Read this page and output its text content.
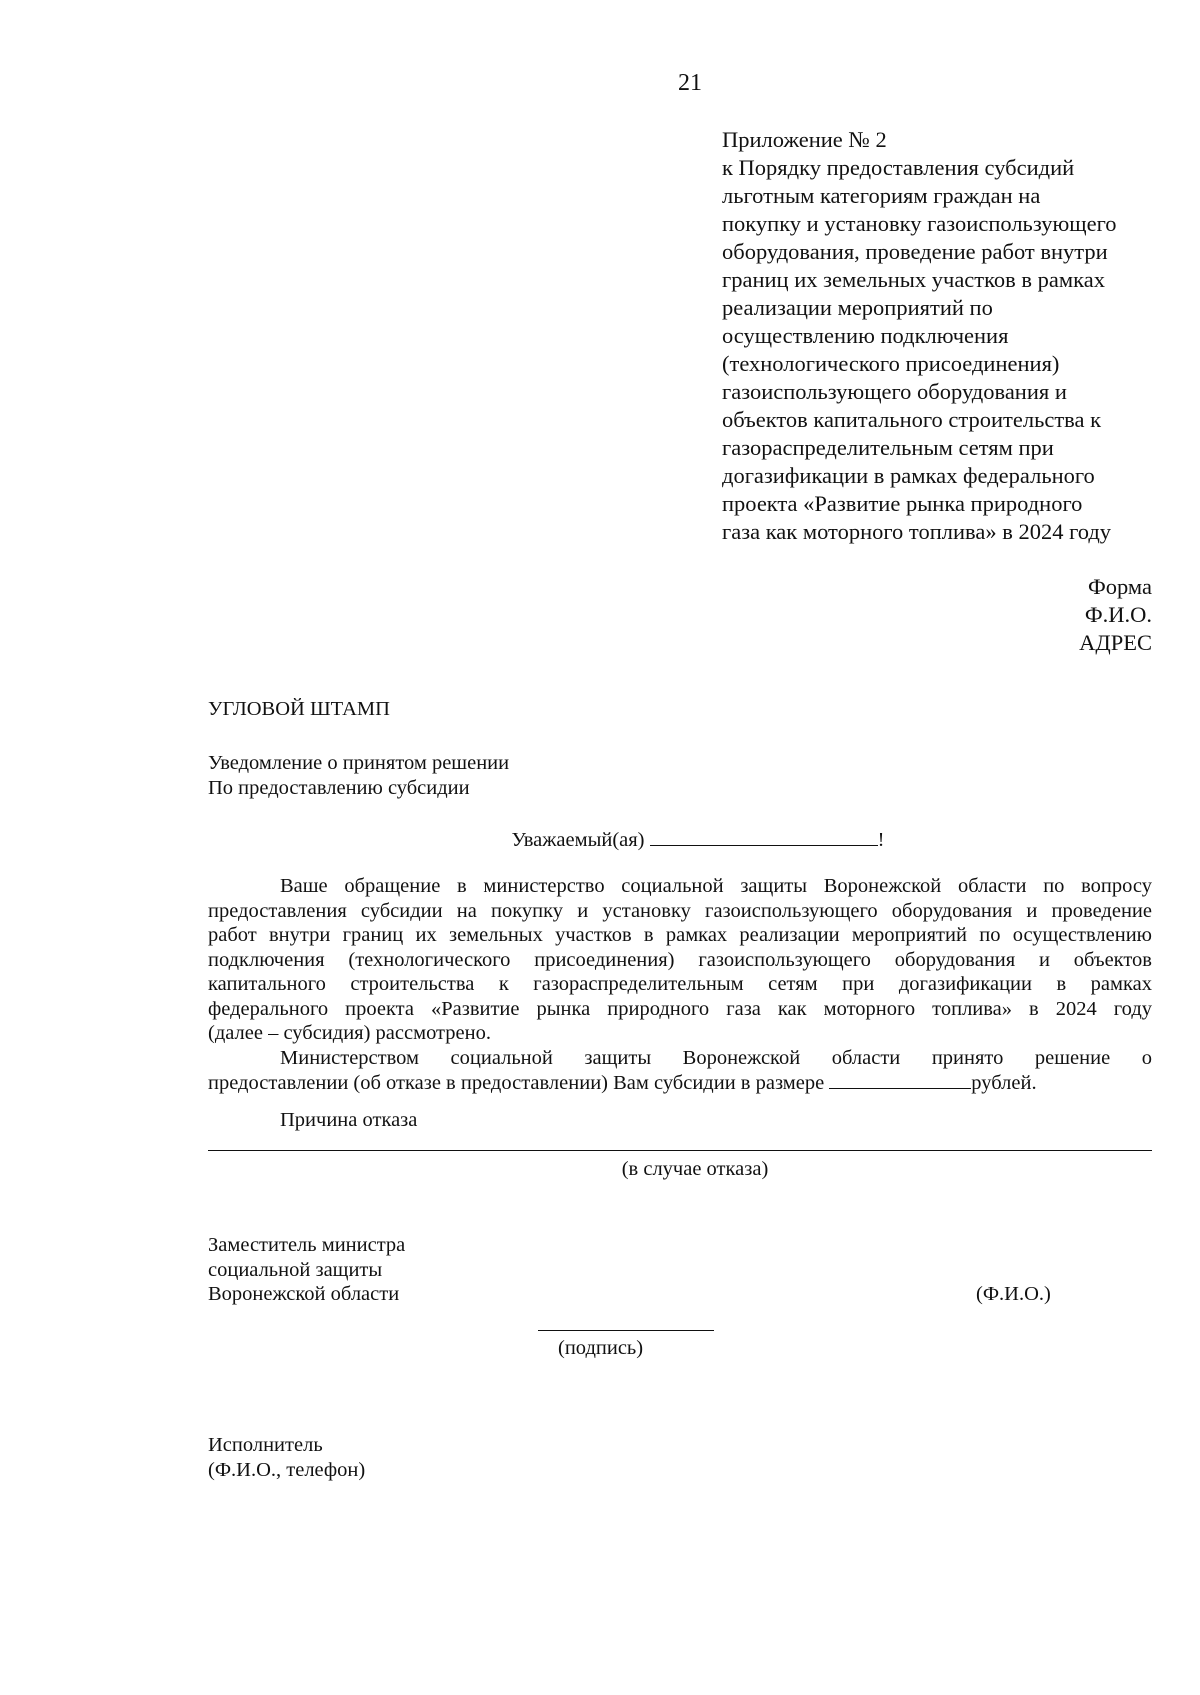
21
Приложение № 2
к Порядку предоставления субсидий
льготным категориям граждан на
покупку и установку газоиспользующего
оборудования, проведение работ внутри
границ их земельных участков в рамках
реализации мероприятий по
осуществлению подключения
(технологического присоединения)
газоиспользующего оборудования и
объектов капитального строительства к
газораспределительным сетям при
догазификации в рамках федерального
проекта «Развитие рынка природного
газа как моторного топлива» в 2024 году
Форма
Ф.И.О.
АДРЕС
УГЛОВОЙ ШТАМП
Уведомление о принятом решении
По предоставлению субсидии
Уважаемый(ая)	!
Ваше обращение в министерство социальной защиты Воронежской области по вопросу
предоставления субсидии на покупку и установку газоиспользующего оборудования и проведение
работ внутри границ их земельных участков в рамках реализации мероприятий по осуществлению
подключения (технологического присоединения) газоиспользующего оборудования и объектов
капитального строительства к газораспределительным сетям при догазификации в рамках
федерального проекта «Развитие рынка природного газа как моторного топлива» в 2024 году
(далее – субсидия) рассмотрено.
Министерством социальной защиты Воронежской области принято решение о
предоставлении (об отказе в предоставлении) Вам субсидии в размере	рублей.
Причина отказа
(в случае отказа)
Заместитель министра
социальной защиты
Воронежской области	(Ф.И.О.)
(подпись)
Исполнитель
(Ф.И.О., телефон)
